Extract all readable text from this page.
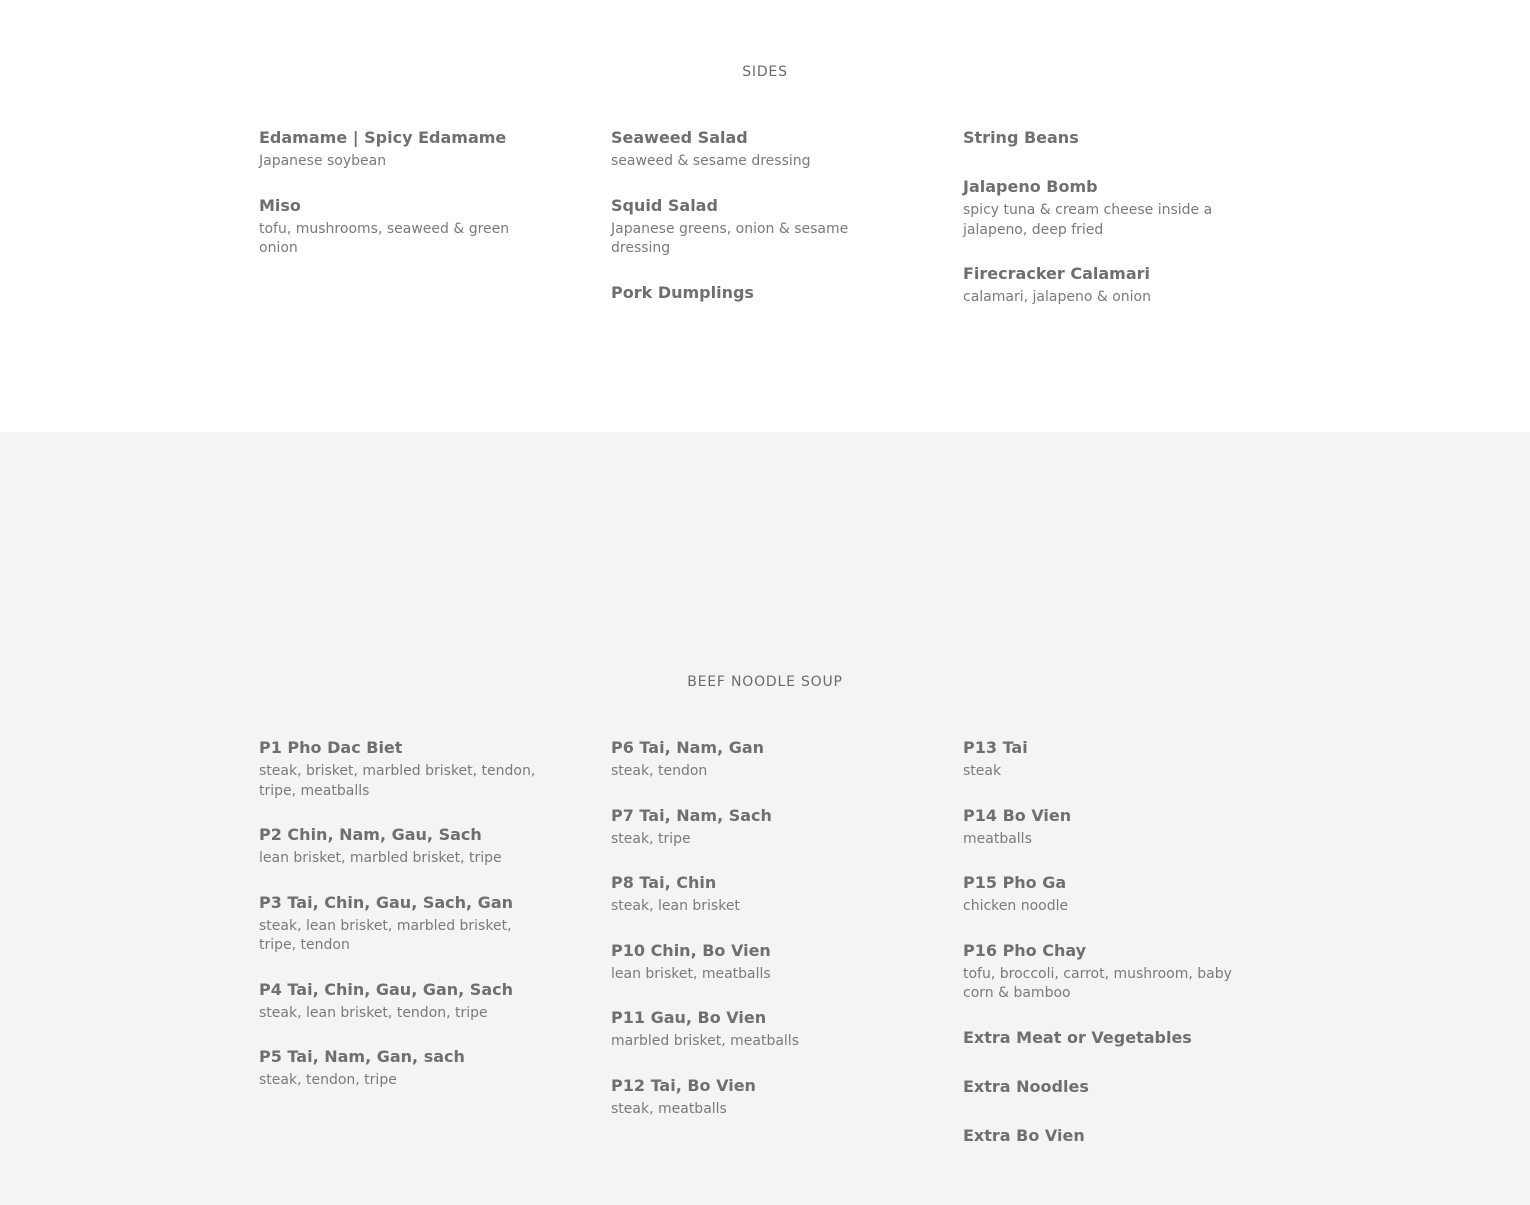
SIDES
Edamame | Spicy Edamame
Japanese soybean
Miso
tofu, mushrooms, seaweed & green onion
Seaweed Salad
seaweed & sesame dressing
Squid Salad
Japanese greens, onion & sesame dressing
Pork Dumplings
String Beans
Jalapeno Bomb
spicy tuna & cream cheese inside a jalapeno, deep fried
Firecracker Calamari
calamari, jalapeno & onion
BEEF NOODLE SOUP
P1 Pho Dac Biet
steak, brisket, marbled brisket, tendon, tripe, meatballs
P2 Chin, Nam, Gau, Sach
lean brisket, marbled brisket, tripe
P3 Tai, Chin, Gau, Sach, Gan
steak, lean brisket, marbled brisket, tripe, tendon
P4 Tai, Chin, Gau, Gan, Sach
steak, lean brisket, tendon, tripe
P5 Tai, Nam, Gan, sach
steak, tendon, tripe
P6 Tai, Nam, Gan
steak, tendon
P7 Tai, Nam, Sach
steak, tripe
P8 Tai, Chin
steak, lean brisket
P10 Chin, Bo Vien
lean brisket, meatballs
P11 Gau, Bo Vien
marbled brisket, meatballs
P12 Tai, Bo Vien
steak, meatballs
P13 Tai
steak
P14 Bo Vien
meatballs
P15 Pho Ga
chicken noodle
P16 Pho Chay
tofu, broccoli, carrot, mushroom, baby corn & bamboo
Extra Meat or Vegetables
Extra Noodles
Extra Bo Vien
